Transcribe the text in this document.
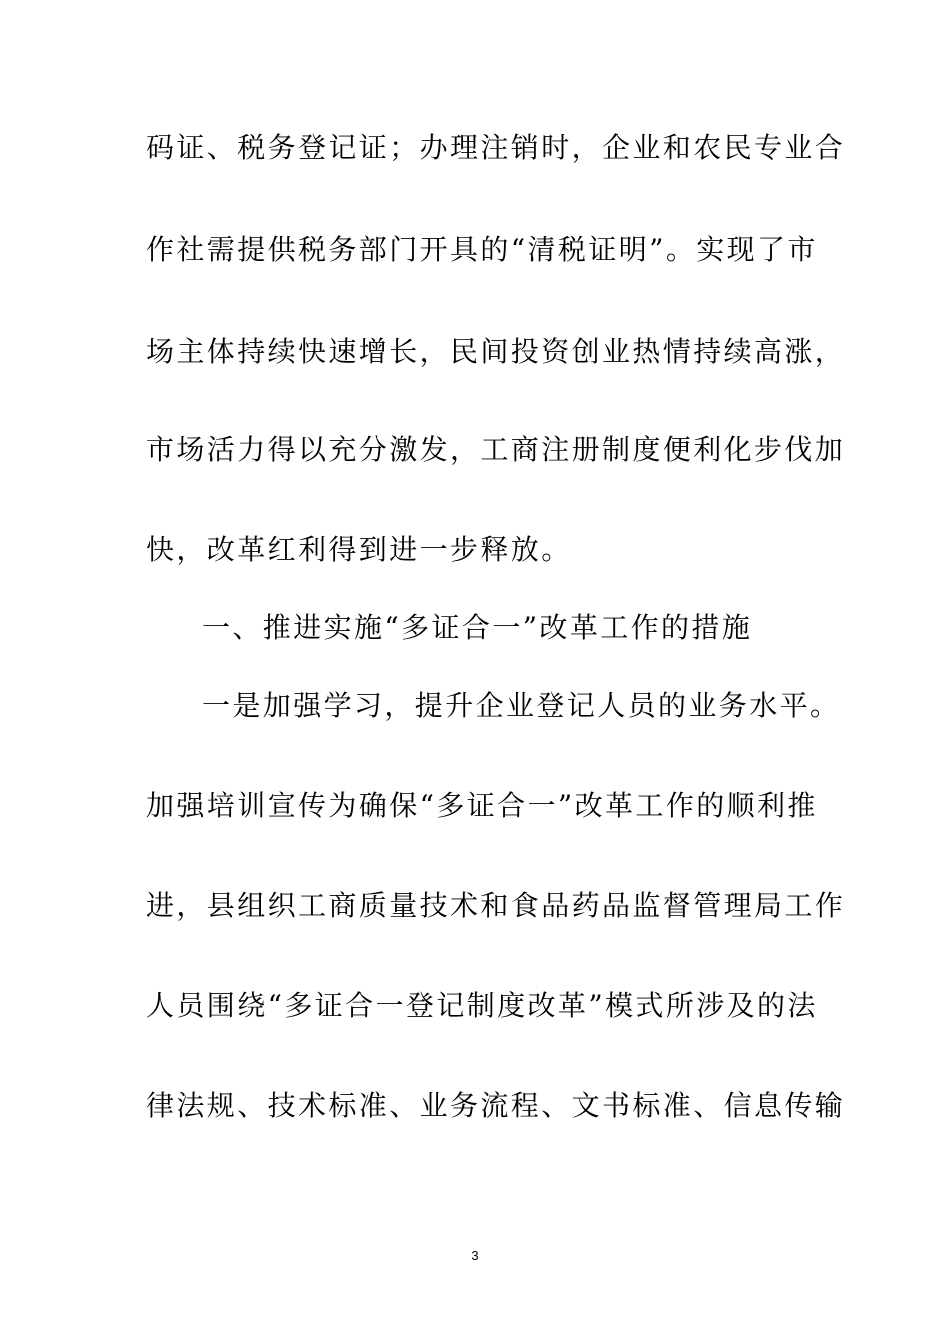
码证、税务登记证；办理注销时，企业和农民专业合
作社需提供税务部门开具的“清税证明”。实现了市
场主体持续快速增长，民间投资创业热情持续高涨，
市场活力得以充分激发，工商注册制度便利化步伐加
快，改革红利得到进一步释放。
一、推进实施“多证合一”改革工作的措施
一是加强学习，提升企业登记人员的业务水平。
加强培训宣传为确保“多证合一”改革工作的顺利推
进，县组织工商质量技术和食品药品监督管理局工作
人员围绕“多证合一登记制度改革”模式所涉及的法
律法规、技术标准、业务流程、文书标准、信息传输
3
